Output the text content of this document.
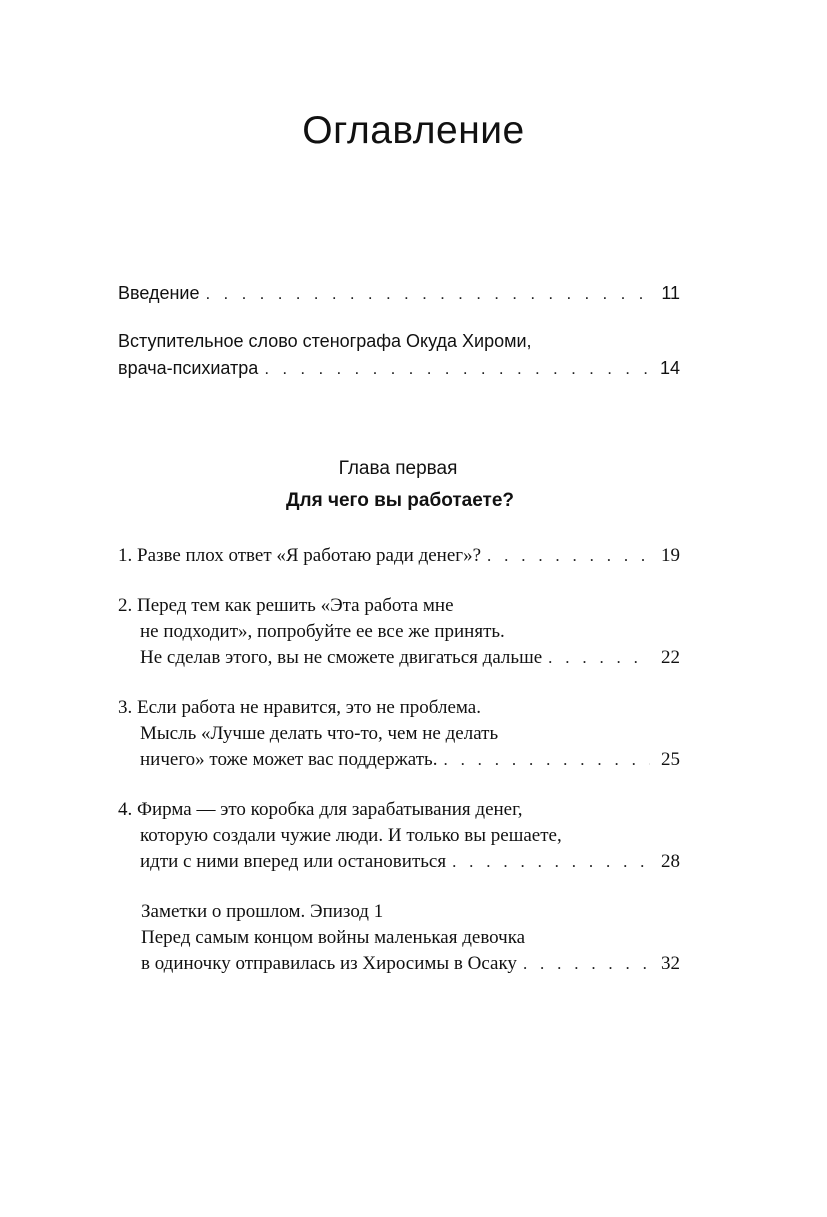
Оглавление
Введение . . .	11
Вступительное слово стенографа Окуда Хироми,
врача-психиатра . . .	14
Глава первая
Для чего вы работаете?
1. Разве плох ответ «Я работаю ради денег»? . . .	19
2. Перед тем как решить «Эта работа мне
не подходит», попробуйте ее все же принять.
Не сделав этого, вы не сможете двигаться дальше . . .	22
3. Если работа не нравится, это не проблема.
Мысль «Лучше делать что-то, чем не делать
ничего» тоже может вас поддержать. . . .	25
4. Фирма — это коробка для зарабатывания денег,
которую создали чужие люди. И только вы решаете,
идти с ними вперед или остановиться . . .	28
Заметки о прошлом. Эпизод 1
Перед самым концом войны маленькая девочка
в одиночку отправилась из Хиросимы в Осаку . . .	32
